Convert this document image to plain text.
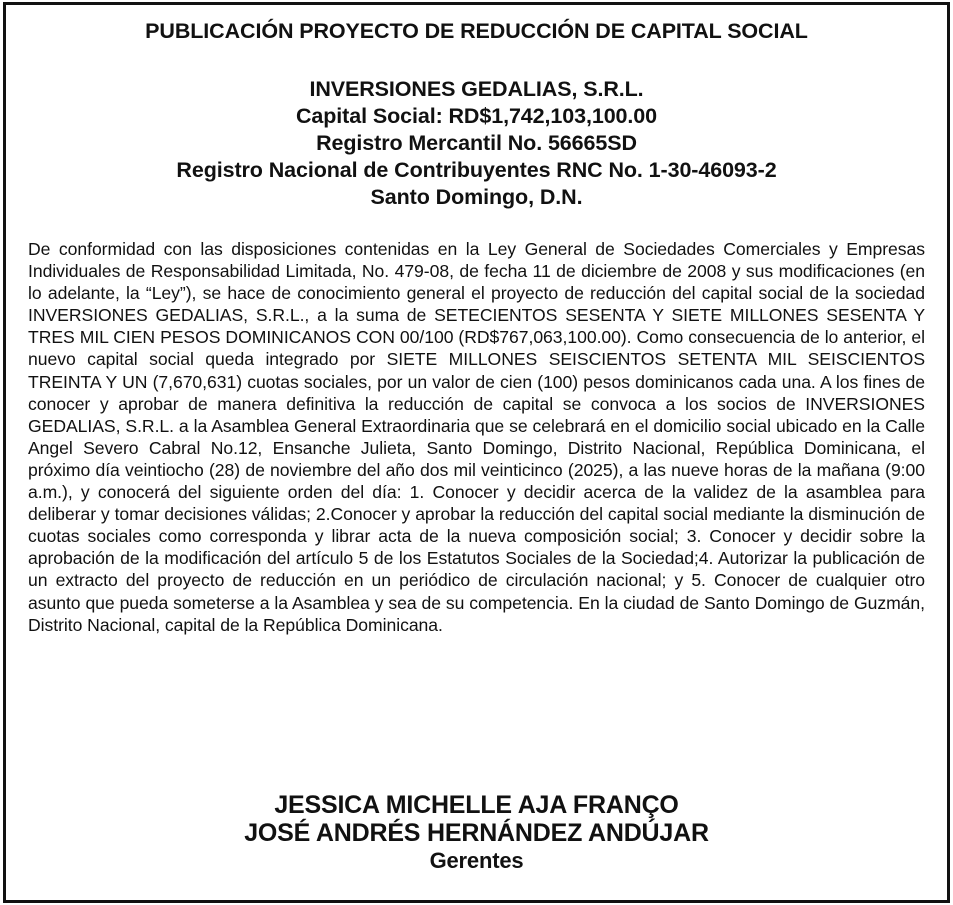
PUBLICACIÓN PROYECTO DE REDUCCIÓN DE CAPITAL SOCIAL
INVERSIONES GEDALIAS, S.R.L.
Capital Social: RD$1,742,103,100.00
Registro Mercantil No. 56665SD
Registro Nacional de Contribuyentes RNC No. 1-30-46093-2
Santo Domingo, D.N.
De conformidad con las disposiciones contenidas en la Ley General de Sociedades Comerciales y Empresas Individuales de Responsabilidad Limitada, No. 479-08, de fecha 11 de diciembre de 2008 y sus modificaciones (en lo adelante, la “Ley”), se hace de conocimiento general el proyecto de reducción del capital social de la sociedad INVERSIONES GEDALIAS, S.R.L., a la suma de SETECIENTOS SESENTA Y SIETE MILLONES SESENTA Y TRES MIL CIEN PESOS DOMINICANOS CON 00/100 (RD$767,063,100.00). Como consecuencia de lo anterior, el nuevo capital social queda integrado por SIETE MILLONES SEISCIENTOS SETENTA MIL SEISCIENTOS TREINTA Y UN (7,670,631) cuotas sociales, por un valor de cien (100) pesos dominicanos cada una. A los fines de conocer y aprobar de manera definitiva la reducción de capital se convoca a los socios de INVERSIONES GEDALIAS, S.R.L. a la Asamblea General Extraordinaria que se celebrará en el domicilio social ubicado en la Calle Angel Severo Cabral No.12, Ensanche Julieta, Santo Domingo, Distrito Nacional, República Dominicana, el próximo día veintiocho (28) de noviembre del año dos mil veinticinco (2025), a las nueve horas de la mañana (9:00 a.m.), y conocerá del siguiente orden del día: 1. Conocer y decidir acerca de la validez de la asamblea para deliberar y tomar decisiones válidas; 2.Conocer y aprobar la reducción del capital social mediante la disminución de cuotas sociales como corresponda y librar acta de la nueva composición social; 3. Conocer y decidir sobre la aprobación de la modificación del artículo 5 de los Estatutos Sociales de la Sociedad;4. Autorizar la publicación de un extracto del proyecto de reducción en un periódico de circulación nacional; y 5. Conocer de cualquier otro asunto que pueda someterse a la Asamblea y sea de su competencia. En la ciudad de Santo Domingo de Guzmán, Distrito Nacional, capital de la República Dominicana.
JESSICA MICHELLE AJA FRANÇO
JOSÉ ANDRÉS HERNÁNDEZ ANDÚJAR
Gerentes
